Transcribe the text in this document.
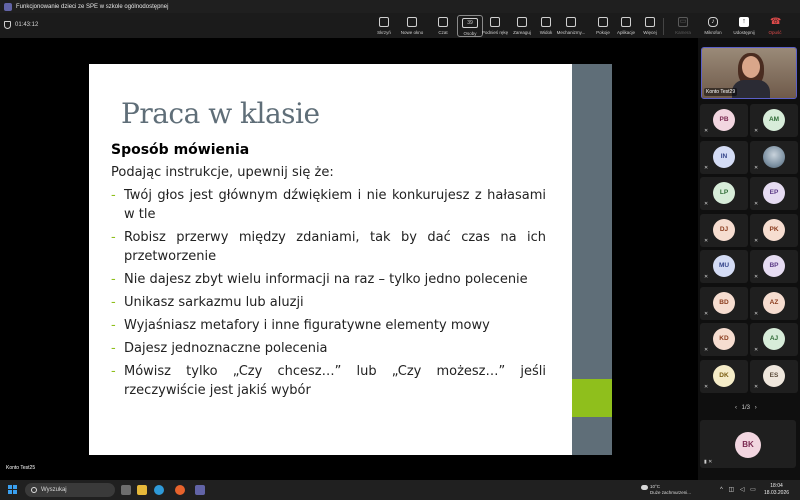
Funkcjonowanie dzieci ze SPE w szkole ogólnodostępnej
01:43:12
Skrzyń Nowe okno	Czat
39
Osoby Podnieś rękę Zareaguj Widok Mechanizmy... Pokoje Aplikacje Więcej
▭
Kamera
♪
Mikrofon
↑
Udostępnij
☎
Opuść
Praca w klasie
Sposób mówienia
Podając instrukcje, upewnij się że:
- Twój głos jest głównym dźwiękiem i nie konkurujesz z hałasami w tle
- Robisz przerwy między zdaniami, tak by dać czas na ich przetworzenie
- Nie dajesz zbyt wielu informacji na raz – tylko jedno polecenie
- Unikasz sarkazmu lub aluzji
- Wyjaśniasz metafory i inne figuratywne elementy mowy
- Dajesz jednoznaczne polecenia
- Mówisz tylko „Czy chcesz…” lub „Czy możesz…” jeśli rzeczywiście jest jakiś wybór
Konto Test25
Konto Test29
PB
✕
AM
✕
IN
✕	✕
LP
✕
EP
✕
DJ
✕
PK
✕
MU
✕
BP
✕
BD
✕
AZ
✕
KD
✕
AJ
✕
DK
✕
ES
✕
‹ 1/3 ›
BK
▮ ✕
Wyszukaj
10°C
Duże zachmurzeni...	^ ◫ ◁ ▭
18:04
18.03.2026
